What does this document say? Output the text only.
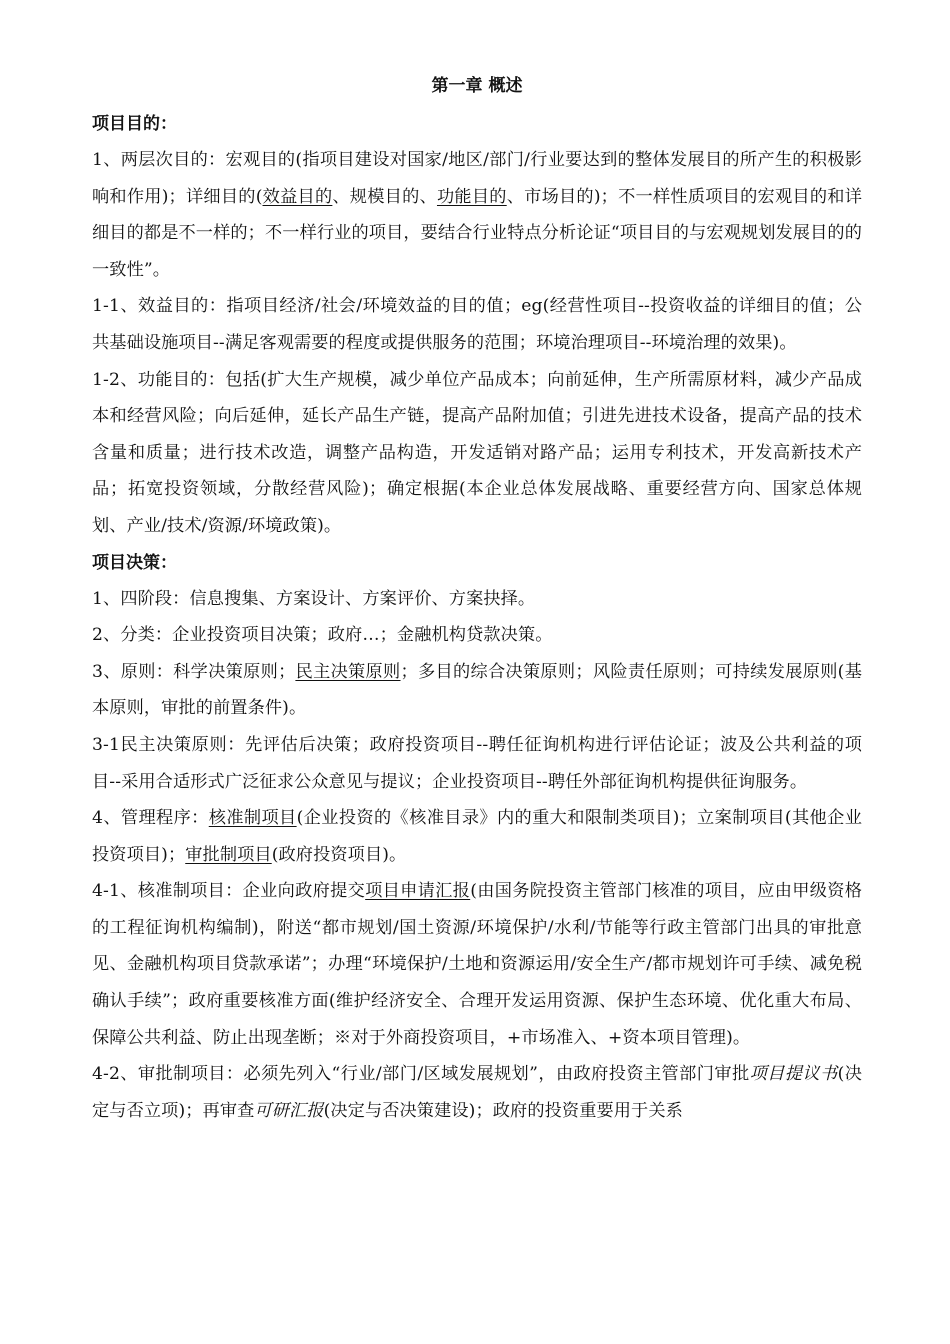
第一章 概述
项目目的：

1、两层次目的：宏观目的(指项目建设对国家/地区/部门/行业要达到的整体发展目的所产生的积极影响和作用)；详细目的(效益目的、规模目的、功能目的、市场目的)；不一样性质项目的宏观目的和详细目的都是不一样的；不一样行业的项目，要结合行业特点分析论证“项目目的与宏观规划发展目的的一致性”。

1-1、效益目的：指项目经济/社会/环境效益的目的值；eg(经营性项目--投资收益的详细目的值；公共基础设施项目--满足客观需要的程度或提供服务的范围；环境治理项目--环境治理的效果)。

1-2、功能目的：包括(扩大生产规模，减少单位产品成本；向前延伸，生产所需原材料，减少产品成本和经营风险；向后延伸，延长产品生产链，提高产品附加值；引进先进技术设备，提高产品的技术含量和质量；进行技术改造，调整产品构造，开发适销对路产品；运用专利技术，开发高新技术产品；拓宽投资领域，分散经营风险)；确定根据(本企业总体发展战略、重要经营方向、国家总体规划、产业/技术/资源/环境政策)。

项目决策：

1、四阶段：信息搜集、方案设计、方案评价、方案抉择。

2、分类：企业投资项目决策；政府…；金融机构贷款决策。

3、原则：科学决策原则；民主决策原则；多目的综合决策原则；风险责任原则；可持续发展原则(基本原则，审批的前置条件)。

3-1民主决策原则：先评估后决策；政府投资项目--聘任征询机构进行评估论证；波及公共利益的项目--采用合适形式广泛征求公众意见与提议；企业投资项目--聘任外部征询机构提供征询服务。

4、管理程序：核准制项目(企业投资的《核准目录》内的重大和限制类项目)；立案制项目(其他企业投资项目)；审批制项目(政府投资项目)。

4-1、核准制项目：企业向政府提交项目申请汇报(由国务院投资主管部门核准的项目，应由甲级资格的工程征询机构编制)，附送“都市规划/国土资源/环境保护/水利/节能等行政主管部门出具的审批意见、金融机构项目贷款承诺”；办理“环境保护/土地和资源运用/安全生产/都市规划许可手续、减免税确认手续”；政府重要核准方面(维护经济安全、合理开发运用资源、保护生态环境、优化重大布局、保障公共利益、防止出现垄断；※对于外商投资项目，+市场准入、+资本项目管理)。

4-2、审批制项目：必须先列入“行业/部门/区域发展规划”，由政府投资主管部门审批项目提议书(决定与否立项)；再审查可研汇报(决定与否决策建设)；政府的投资重要用于关系
